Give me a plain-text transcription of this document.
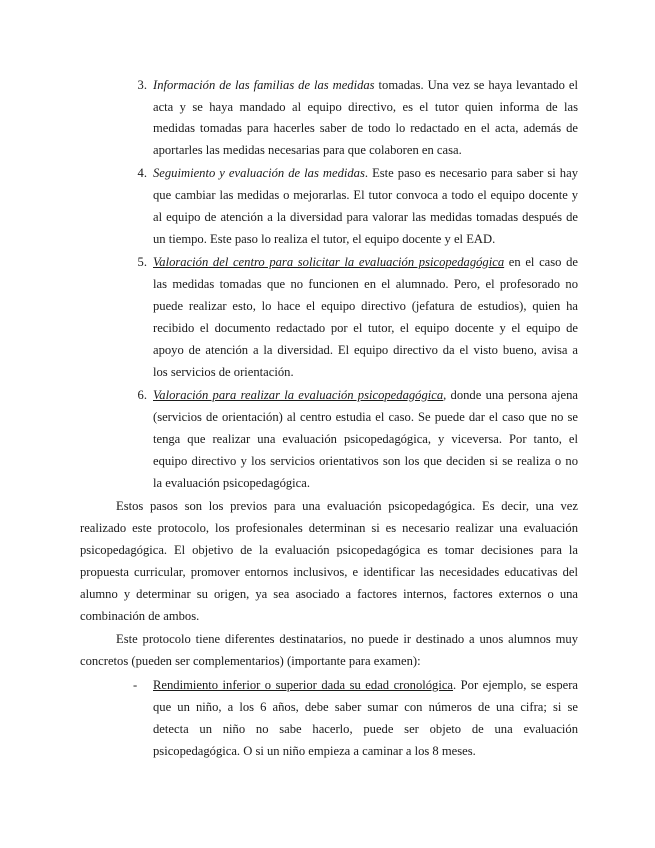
3. Información de las familias de las medidas tomadas. Una vez se haya levantado el
acta y se haya mandado al equipo directivo, es el tutor quien informa de las
medidas tomadas para hacerles saber de todo lo redactado en el acta, además de
aportarles las medidas necesarias para que colaboren en casa.
4. Seguimiento y evaluación de las medidas. Este paso es necesario para saber si hay
que cambiar las medidas o mejorarlas. El tutor convoca a todo el equipo docente y
al equipo de atención a la diversidad para valorar las medidas tomadas después de
un tiempo. Este paso lo realiza el tutor, el equipo docente y el EAD.
5. Valoración del centro para solicitar la evaluación psicopedagógica en el caso de
las medidas tomadas que no funcionen en el alumnado. Pero, el profesorado no
puede realizar esto, lo hace el equipo directivo (jefatura de estudios), quien ha
recibido el documento redactado por el tutor, el equipo docente y el equipo de
apoyo de atención a la diversidad. El equipo directivo da el visto bueno, avisa a
los servicios de orientación.
6. Valoración para realizar la evaluación psicopedagógica, donde una persona ajena
(servicios de orientación) al centro estudia el caso. Se puede dar el caso que no se
tenga que realizar una evaluación psicopedagógica, y viceversa. Por tanto, el
equipo directivo y los servicios orientativos son los que deciden si se realiza o no
la evaluación psicopedagógica.
Estos pasos son los previos para una evaluación psicopedagógica. Es decir, una vez
realizado este protocolo, los profesionales determinan si es necesario realizar una evaluación
psicopedagógica. El objetivo de la evaluación psicopedagógica es tomar decisiones para la
propuesta curricular, promover entornos inclusivos, e identificar las necesidades educativas del
alumno y determinar su origen, ya sea asociado a factores internos, factores externos o una
combinación de ambos.
Este protocolo tiene diferentes destinatarios, no puede ir destinado a unos alumnos muy
concretos (pueden ser complementarios) (importante para examen):
- Rendimiento inferior o superior dada su edad cronológica. Por ejemplo, se espera
que un niño, a los 6 años, debe saber sumar con números de una cifra; si se
detecta un niño no sabe hacerlo, puede ser objeto de una evaluación
psicopedagógica. O si un niño empieza a caminar a los 8 meses.
